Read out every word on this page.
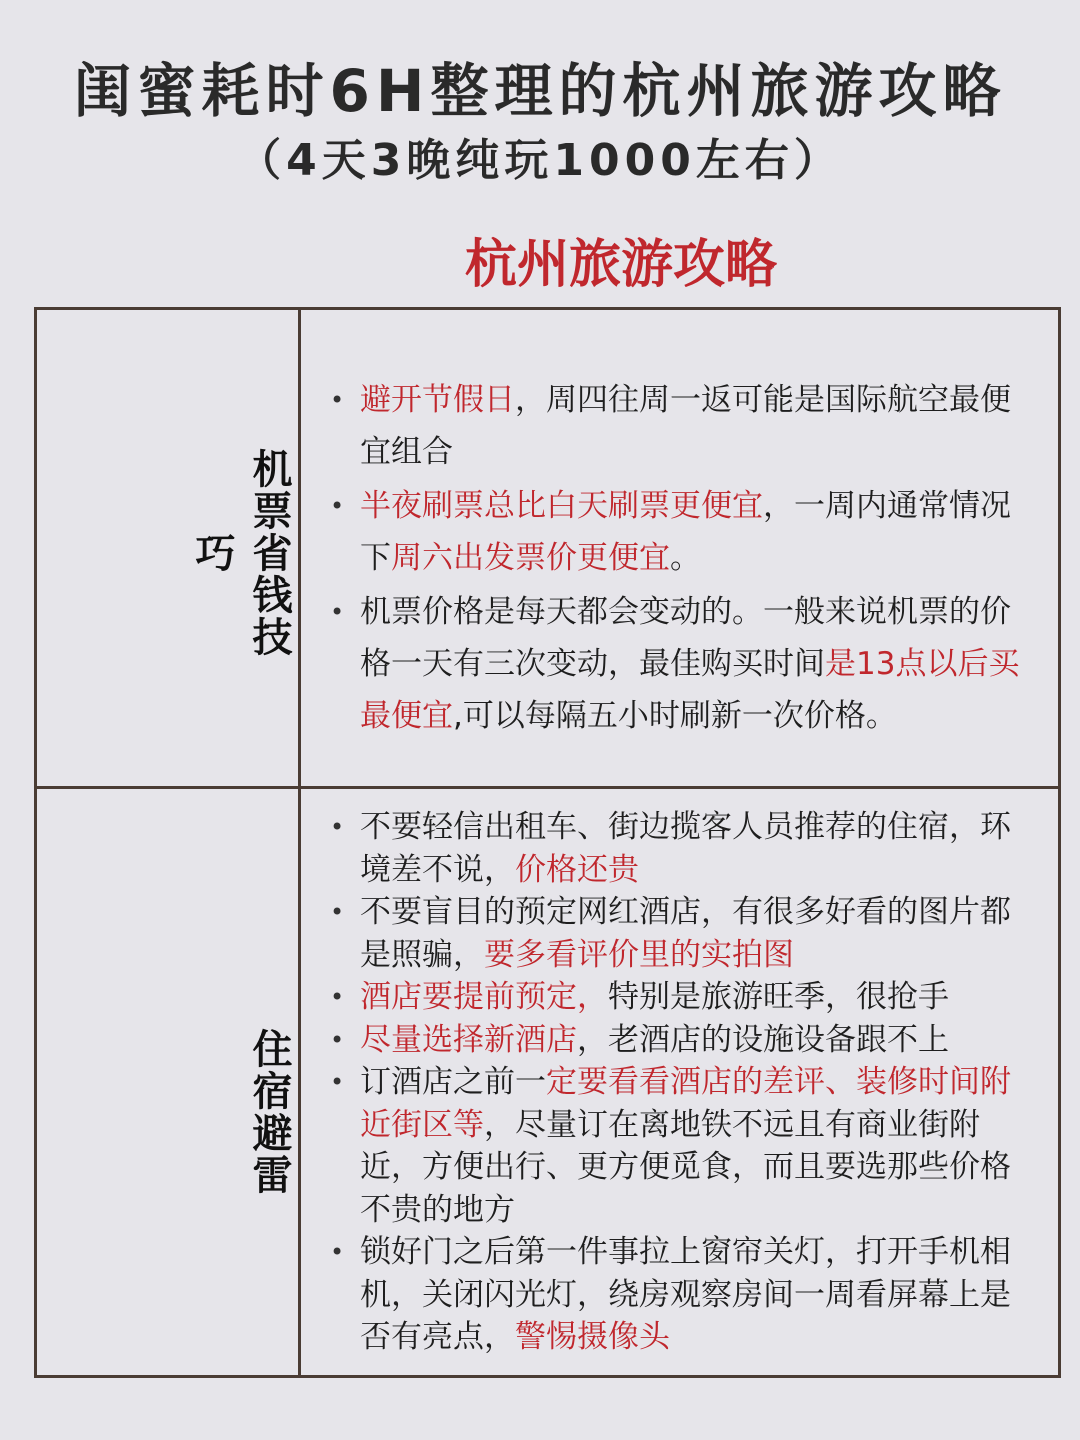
闺蜜耗时6H整理的杭州旅游攻略
（4天3晚纯玩1000左右）
杭州旅游攻略
机票省钱技巧
住宿避雷
• 避开节假日，周四往周一返可能是国际航空最便宜组合
• 半夜刷票总比白天刷票更便宜，一周内通常情况下周六出发票价更便宜。
• 机票价格是每天都会变动的。一般来说机票的价格一天有三次变动，最佳购买时间是13点以后买最便宜,可以每隔五小时刷新一次价格。
• 不要轻信出租车、街边揽客人员推荐的住宿，环境差不说，价格还贵
• 不要盲目的预定网红酒店，有很多好看的图片都是照骗，要多看评价里的实拍图
• 酒店要提前预定，特别是旅游旺季，很抢手
• 尽量选择新酒店，老酒店的设施设备跟不上
• 订酒店之前一定要看看酒店的差评、装修时间附近街区等，尽量订在离地铁不远且有商业街附近，方便出行、更方便觅食，而且要选那些价格不贵的地方
• 锁好门之后第一件事拉上窗帘关灯，打开手机相机，关闭闪光灯，绕房观察房间一周看屏幕上是否有亮点，警惕摄像头
